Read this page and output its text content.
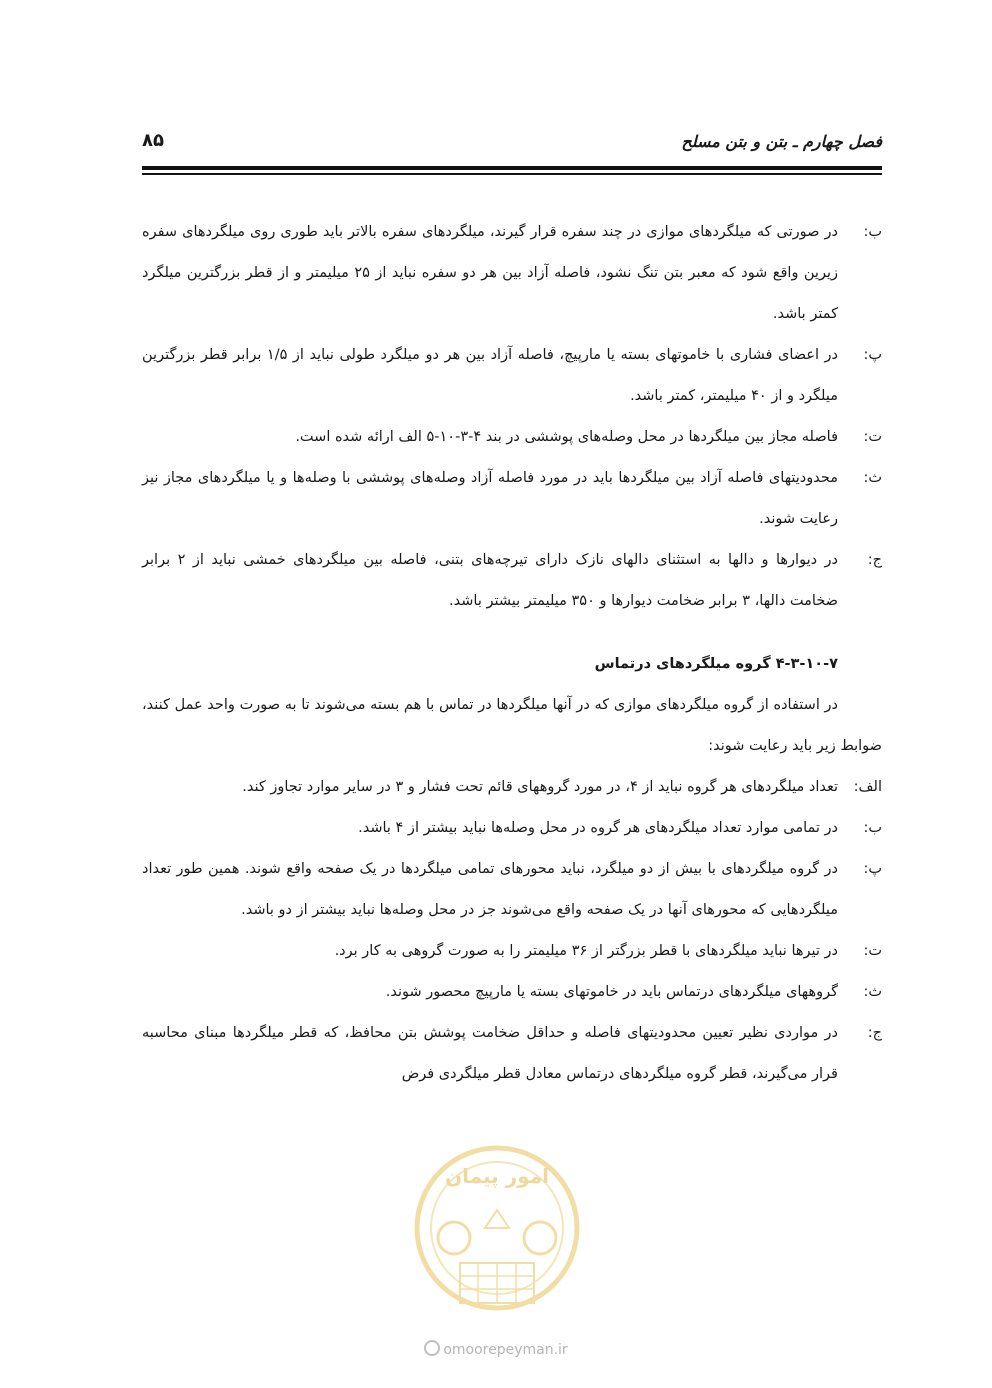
فصل چهارم ـ بتن و بتن مسلح
۸۵
ب:
در صورتی که میلگردهای موازی در چند سفره قرار گیرند، میلگردهای سفره بالاتر باید طوری روی میلگردهای سفره زیرین واقع شود که معبر بتن تنگ نشود، فاصله آزاد بین هر دو سفره نباید از ۲۵ میلیمتر و از قطر بزرگترین میلگرد کمتر باشد.
پ:
در اعضای فشاری با خاموتهای بسته یا مارپیچ، فاصله آزاد بین هر دو میلگرد طولی نباید از ۱/۵ برابر قطر بزرگترین میلگرد و از ۴۰ میلیمتر، کمتر باشد.
ت:
فاصله مجاز بین میلگردها در محل وصله‌های پوششی در بند ۴-۳-۱۰-۵ الف ارائه شده است.
ث:
محدودیتهای فاصله آزاد بین میلگردها باید در مورد فاصله آزاد وصله‌های پوششی با وصله‌ها و یا میلگردهای مجاز نیز رعایت شوند.
ج:
در دیوارها و دالها به استثنای دالهای نازک دارای تیرچه‌های بتنی، فاصله بین میلگردهای خمشی نباید از ۲ برابر ضخامت دالها، ۳ برابر ضخامت دیوارها و ۳۵۰ میلیمتر بیشتر باشد.
۴-۳-۱۰-۷ گروه میلگردهای درتماس
در استفاده از گروه میلگردهای موازی که در آنها میلگردها در تماس با هم بسته می‌شوند تا به صورت واحد عمل کنند، ضوابط زیر باید رعایت شوند:
الف:
تعداد میلگردهای هر گروه نباید از ۴، در مورد گروههای قائم تحت فشار و ۳ در سایر موارد تجاوز کند.
ب:
در تمامی موارد تعداد میلگردهای هر گروه در محل وصله‌ها نباید بیشتر از ۴ باشد.
پ:
در گروه میلگردهای با بیش از دو میلگرد، نباید محورهای تمامی میلگردها در یک صفحه واقع شوند. همین طور تعداد میلگردهایی که محورهای آنها در یک صفحه واقع می‌شوند جز در محل وصله‌ها نباید بیشتر از دو باشد.
ت:
در تیرها نباید میلگردهای با قطر بزرگتر از ۳۶ میلیمتر را به صورت گروهی به کار برد.
ث:
گروههای میلگردهای درتماس باید در خاموتهای بسته یا مارپیچ محصور شوند.
ج:
در مواردی نظیر تعیین محدودیتهای فاصله و حداقل ضخامت پوشش بتن محافظ، که قطر میلگردها مبنای محاسبه قرار می‌گیرند، قطر گروه میلگردهای درتماس معادل قطر میلگردی فرض
امور پیمان
omoorepeyman.ir
